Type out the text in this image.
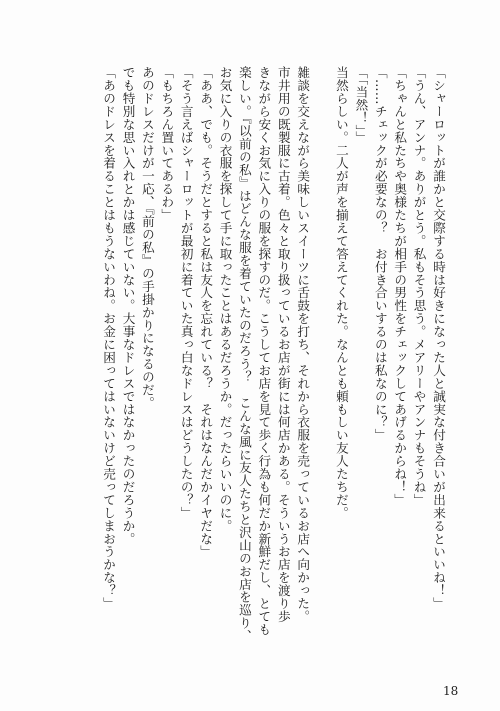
「シャーロットが誰かと交際する時は好きになった人と誠実な付き合いが出来るといいね！」
「うん、アンナ。ありがとう。私もそう思う。メアリーやアンナもそうね」
「ちゃんと私たちや奥様たちが相手の男性をチェックしてあげるからね！」
「……チェックが必要なの？　お付き合いするのは私なのに？」
「「当然！」」
当然らしい。二人が声を揃えて答えてくれた。なんとも頼もしい友人たちだ。
雑談を交えながら美味しいスイーツに舌鼓を打ち、それから衣服を売っているお店へ向かった。
市井用の既製服に古着。色々と取り扱っているお店が街には何店かある。そういうお店を渡り歩
きながら安くお気に入りの服を探すのだ。こうしてお店を見て歩く行為も何だか新鮮だし、とても
楽しい。『以前の私』はどんな服を着ていたのだろう？　こんな風に友人たちと沢山のお店を巡り、
お気に入りの衣服を探して手に取ったことはあるだろうか。だったらいいのに。
「ああ、でも。そうだとすると私は友人を忘れている？　それはなんだかイヤだな」
「そう言えばシャーロットが最初に着ていた真っ白なドレスはどうしたの？」
「もちろん置いてあるわ」
あのドレスだけが一応、『前の私』の手掛かりになるのだ。
でも特別な思い入れとかは感じていない。大事なドレスではなかったのだろうか。
「あのドレスを着ることはもうないわね。お金に困ってはいないけど売ってしまおうかな？」
18
